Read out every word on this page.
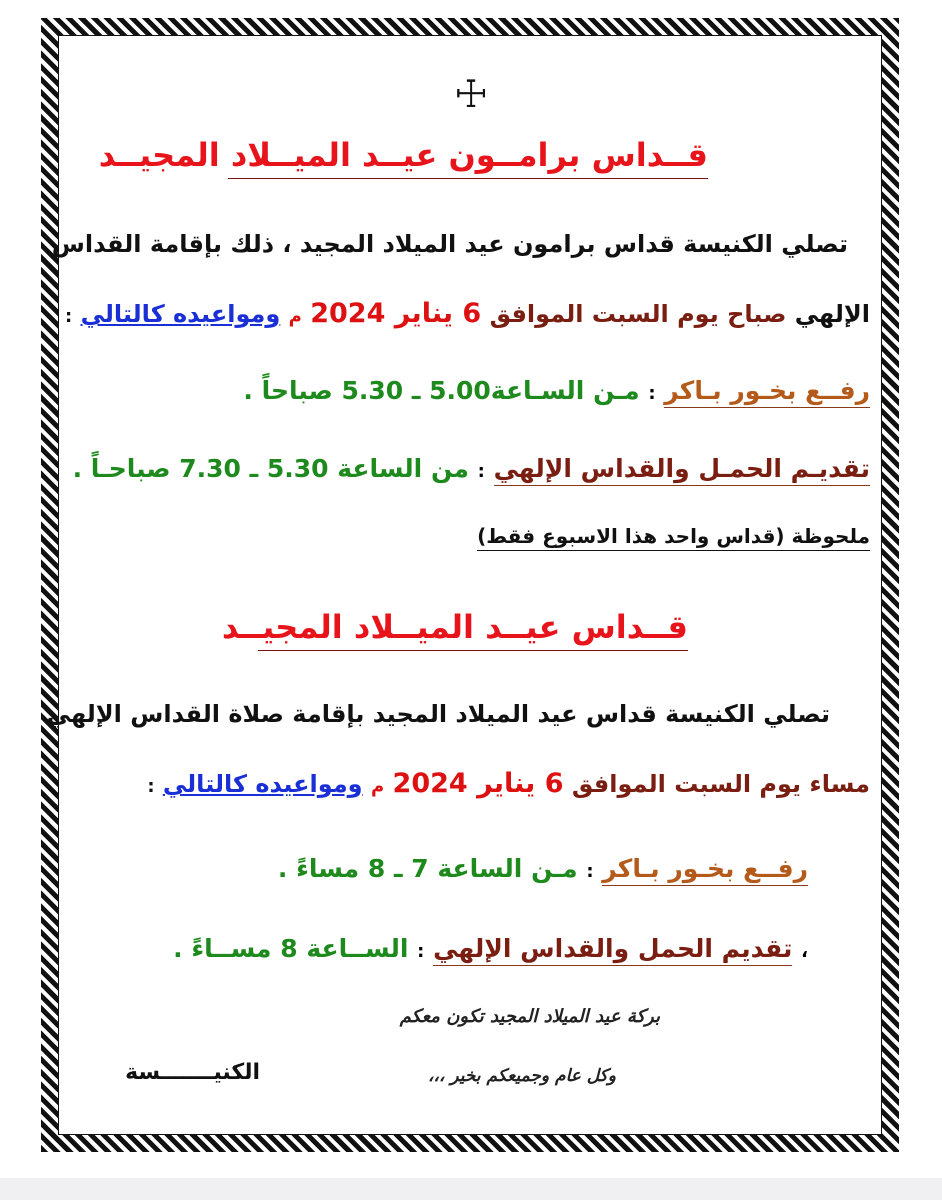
☩
قــداس برامــون عيــد الميــلاد المجيــد
تصلي الكنيسة قداس برامون عيد الميلاد المجيد ، ذلك بإقامة القداس
الإلهي صباح يوم السبت الموافق 6 يناير 2024 م ومواعيده كالتالي :
رفــع بخـور بـاكر : مـن السـاعة5.00 ـ 5.30 صباحاً .
تقديـم الحمـل والقداس الإلهي : من الساعة 5.30 ـ 7.30 صباحـاً .
ملحوظة (قداس واحد هذا الاسبوع فقط)
قــداس عيــد الميــلاد المجيــد
تصلي الكنيسة قداس عيد الميلاد المجيد بإقامة صلاة القداس الإلهي
مساء يوم السبت الموافق 6 يناير 2024 م ومواعيده كالتالي :
رفــع بخـور بـاكر : مـن الساعة 7 ـ 8 مساءً .
، تقديم الحمل والقداس الإلهي : الســاعة 8 مســاءً .
بركة عيد الميلاد المجيد تكون معكم
وكل عام وجميعكم بخير ،،،
الكنيـــــــسة
